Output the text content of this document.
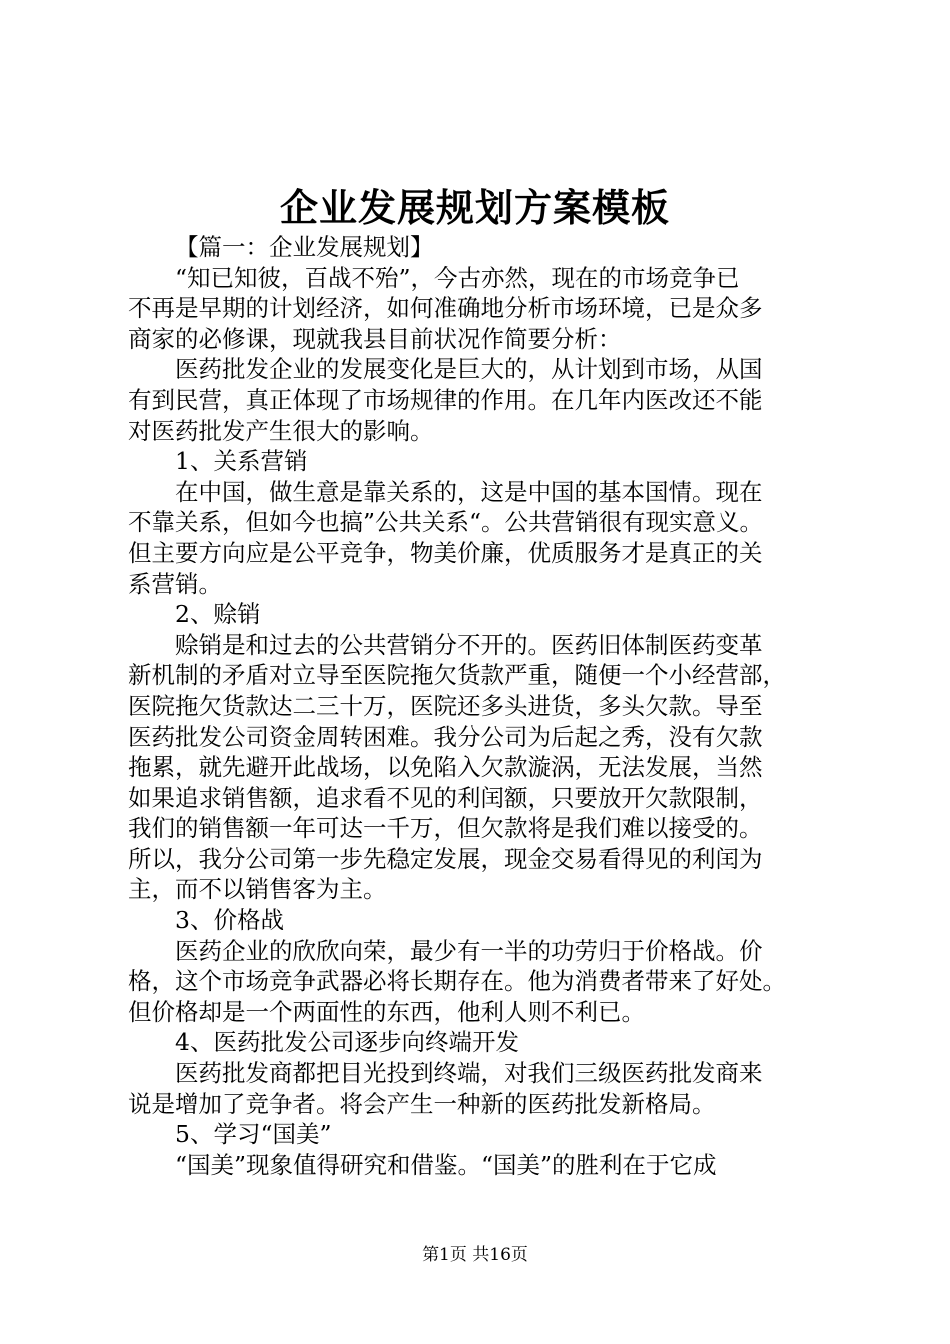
企业发展规划方案模板
【篇一：企业发展规划】
“知已知彼，百战不殆”，今古亦然，现在的市场竞争已
不再是早期的计划经济，如何准确地分析市场环境，已是众多
商家的必修课，现就我县目前状况作简要分析：
医药批发企业的发展变化是巨大的，从计划到市场，从国
有到民营，真正体现了市场规律的作用。在几年内医改还不能
对医药批发产生很大的影响。
1、关系营销
在中国，做生意是靠关系的，这是中国的基本国情。现在
不靠关系，但如今也搞”公共关系“。公共营销很有现实意义。
但主要方向应是公平竞争，物美价廉，优质服务才是真正的关
系营销。
2、赊销
赊销是和过去的公共营销分不开的。医药旧体制医药变革
新机制的矛盾对立导至医院拖欠货款严重，随便一个小经营部，
医院拖欠货款达二三十万，医院还多头进货，多头欠款。导至
医药批发公司资金周转困难。我分公司为后起之秀，没有欠款
拖累，就先避开此战场，以免陷入欠款漩涡，无法发展，当然
如果追求销售额，追求看不见的利闰额，只要放开欠款限制，
我们的销售额一年可达一千万，但欠款将是我们难以接受的。
所以，我分公司第一步先稳定发展，现金交易看得见的利闰为
主，而不以销售客为主。
3、价格战
医药企业的欣欣向荣，最少有一半的功劳归于价格战。价
格，这个市场竞争武器必将长期存在。他为消费者带来了好处。
但价格却是一个两面性的东西，他利人则不利已。
4、医药批发公司逐步向终端开发
医药批发商都把目光投到终端，对我们三级医药批发商来
说是增加了竞争者。将会产生一种新的医药批发新格局。
5、学习“国美”
“国美”现象值得研究和借鉴。“国美”的胜利在于它成
第1页 共16页
